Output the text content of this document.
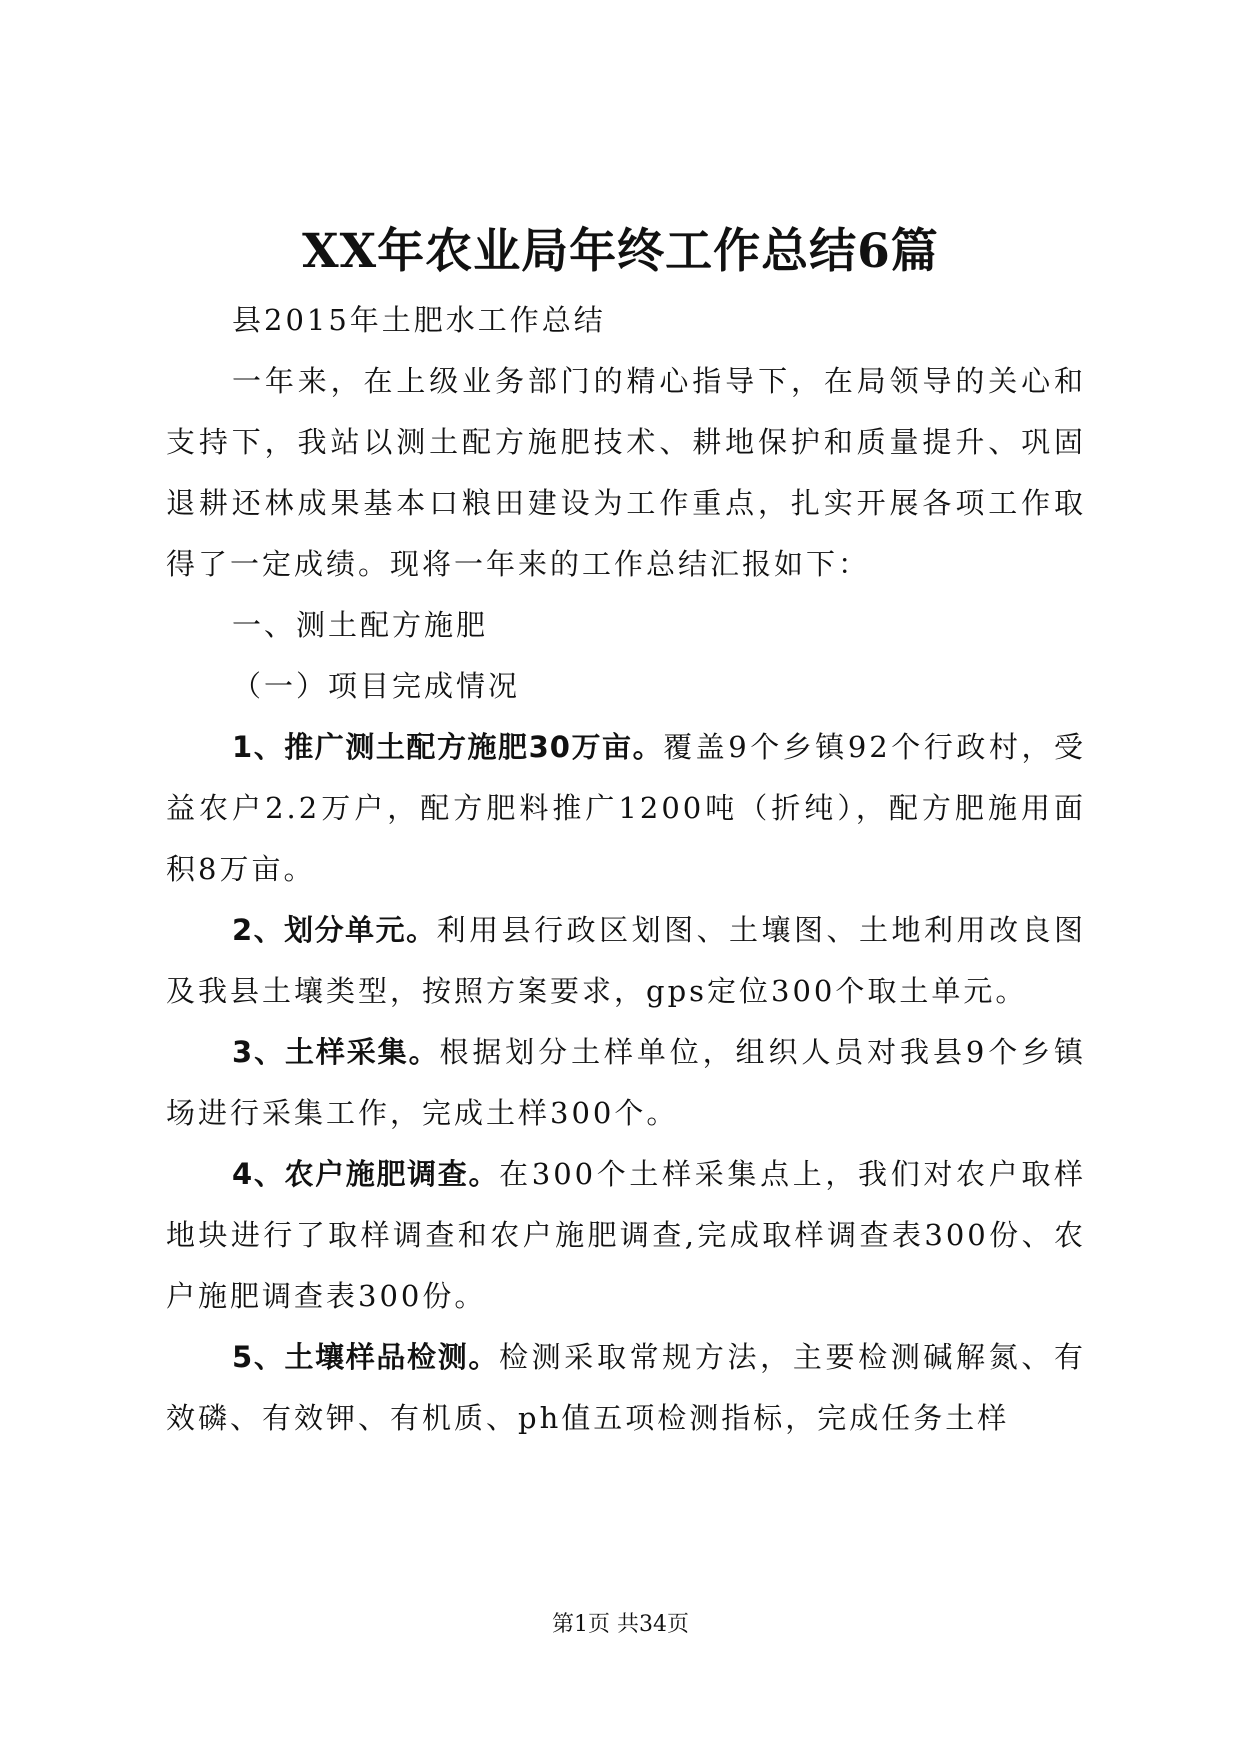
XX年农业局年终工作总结6篇

县2015年土肥水工作总结

一年来，在上级业务部门的精心指导下，在局领导的关心和支持下，我站以测土配方施肥技术、耕地保护和质量提升、巩固退耕还林成果基本口粮田建设为工作重点，扎实开展各项工作取得了一定成绩。现将一年来的工作总结汇报如下：

一、测土配方施肥

（一）项目完成情况

1、推广测土配方施肥30万亩。覆盖9个乡镇92个行政村，受益农户2.2万户，配方肥料推广1200吨（折纯），配方肥施用面积8万亩。

2、划分单元。利用县行政区划图、土壤图、土地利用改良图及我县土壤类型，按照方案要求，gps定位300个取土单元。

3、土样采集。根据划分土样单位，组织人员对我县9个乡镇场进行采集工作，完成土样300个。

4、农户施肥调查。在300个土样采集点上，我们对农户取样地块进行了取样调查和农户施肥调查,完成取样调查表300份、农户施肥调查表300份。

5、土壤样品检测。检测采取常规方法，主要检测碱解氮、有效磷、有效钾、有机质、ph值五项检测指标，完成任务土样

第1页 共34页
